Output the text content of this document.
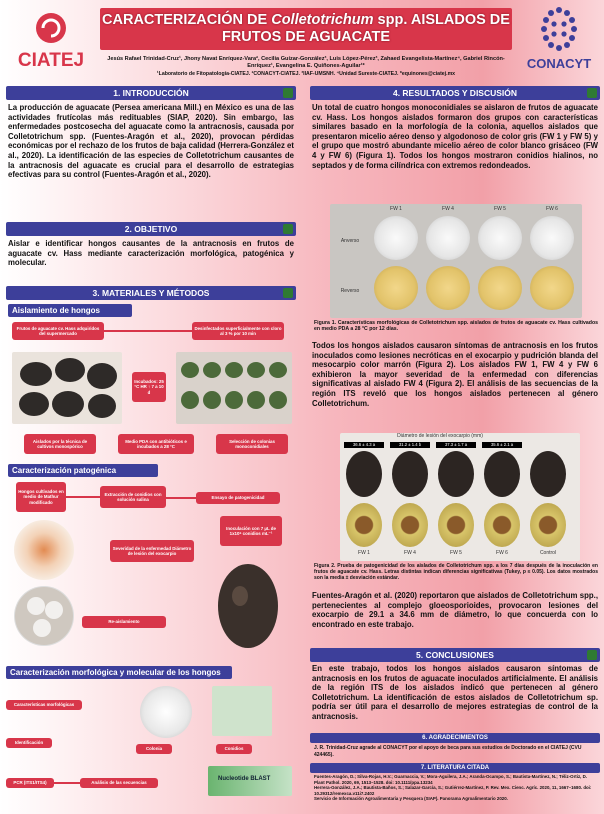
CIATEJ
CARACTERIZACIÓN DE Colletotrichum spp. AISLADOS DE FRUTOS DE AGUACATE
Jesús Rafael Trinidad-Cruz¹, Jhony Navat Enríquez-Vara², Cecilia Guízar-González³, Luis López-Pérez³, Zahaed Evangelista-Martínez⁴, Gabriel Rincón-Enríquez¹, Evangelina E. Quiñones-Aguilar¹*
¹Laboratorio de Fitopatología-CIATEJ. ²CONACYT-CIATEJ. ³IIAF-UMSNH. ⁴Unidad Sureste-CIATEJ. *equinones@ciatej.mx
CONACYT
1. INTRODUCCIÓN
La producción de aguacate (Persea americana Mill.) en México es una de las actividades frutícolas más redituables (SIAP, 2020). Sin embargo, las enfermedades postcosecha del aguacate como la antracnosis, causada por Colletotrichum spp. (Fuentes-Aragón et al., 2020), provocan pérdidas económicas por el rechazo de los frutos de baja calidad (Herrera-González et al., 2020). La identificación de las especies de Colletotrichum causantes de la antracnosis del aguacate es crucial para el desarrollo de estrategias efectivas para su control (Fuentes-Aragón et al., 2020).
2. OBJETIVO
Aislar e identificar hongos causantes de la antracnosis en frutos de aguacate cv. Hass mediante caracterización morfológica, patogénica y molecular.
3. MATERIALES Y MÉTODOS
Aislamiento de hongos
Frutos de aguacate cv. Hass adquiridos del supermercado
Desinfectados superficialmente con cloro al 3 % por 10 min
Incubados: 25 °C HR ↑ 7 a 10 d
Aislados por la técnica de cultivos monospórico
Medio PDA con antibióticos e incubados a 28 °C
Selección de colonias monoconidiales
Caracterización patogénica
Hongos cultivados en medio de Mathur modificado
Extracción de conidios con solución salina	Ensayo de patogenicidad
Severidad de la enfermedad Diámetro de lesión del exocarpio
Inoculación con 7 µL de 1x10⁶ conidios mL⁻¹
Re-aislamiento
Caracterización morfológica y molecular de los hongos
Características morfológicas
Colonia	Conidios
Identificación
PCR (ITS1/ITS4)	Análisis de las secuencias
Nucleotide BLAST
4. RESULTADOS Y DISCUSIÓN
Un total de cuatro hongos monoconidiales se aislaron de frutos de aguacate cv. Hass. Los hongos aislados formaron dos grupos con características similares basado en la morfología de la colonia, aquellos aislados que presentaron micelio aéreo denso y algodonoso de color gris (FW 1 y FW 5) y el grupo que mostró abundante micelio aéreo de color blanco grisáceo (FW 4 y FW 6) (Figura 1). Todos los hongos mostraron conidios hialinos, no septados y de forma cilíndrica con extremos redondeados.
FW 1	FW 4	FW 5	FW 6
Anverso
Reverso
Figura 1. Características morfológicas de Colletotrichum spp. aislados de frutos de aguacate cv. Hass cultivados en medio PDA a 28 °C por 12 días.
Todos los hongos aislados causaron síntomas de antracnosis en los frutos inoculados como lesiones necróticas en el exocarpio y pudrición blanda del mesocarpio color marrón (Figura 2). Los aislados FW 1, FW 4 y FW 6 exhibieron la mayor severidad de la enfermedad con diferencias significativas al aislado FW 4 (Figura 2). El análisis de las secuencias de la región ITS reveló que los hongos aislados pertenecen al género Colletotrichum.
Diámetro de lesión del exocarpio (mm)
FW 1
36.6 ± 4.3 a
FW 4
31.2 ± 1.4 b
FW 5
37.3 ± 1.7 a
FW 6
35.6 ± 2.1 a
Control
Figura 2. Prueba de patogenicidad de los aislados de Colletotrichum spp. a los 7 días después de la inoculación en frutos de aguacate cv. Hass. Letras distintas indican diferencias significativas (Tukey, p ≤ 0.05). Los datos mostrados son la media ± desviación estándar.
Fuentes-Aragón et al. (2020) reportaron que aislados de Colletotrichum spp., pertenecientes al complejo gloeosporioides, provocaron lesiones del exocarpio de 29.1 a 34.6 mm de diámetro, lo que concuerda con lo encontrado en este trabajo.
5. CONCLUSIONES
En este trabajo, todos los hongos aislados causaron síntomas de antracnosis en los frutos de aguacate inoculados artificialmente. El análisis de la región ITS de los aislados indicó que pertenecen al género Colletotrichum. La identificación de estos aislados de Colletotrichum sp. podría ser útil para el desarrollo de mejores estrategias de control de la antracnosis.
6. AGRADECIMIENTOS
J. R. Trinidad-Cruz agrade al CONACYT por el apoyo de beca para sus estudios de Doctorado en el CIATEJ (CVU 424465).
7. LITERATURA CITADA
Fuentes-Aragón, D.; Silva-Rojas, H.V.; Guarnaccia, V.; Mora-Aguilera, J.A.; Aranda-Ocampo, S.; Bautista-Martínez, N.; Téliz-Ortiz, D. Plant Pathol. 2020, 69, 1513–1528. doi: 10.1111/ppa.13234
Herrera-González, J.A.; Bautista-Baños, S.; Salazar-García, S.; Gutiérrez-Martínez, P. Rev. Mex. Cienc. Agríc. 2020, 11, 1667–1680. doi: 10.29312/remexca.v11i7.2402
Servicio de Información Agroalimentaria y Pesquera (SIAP). Panorama Agroalimentario 2020.
